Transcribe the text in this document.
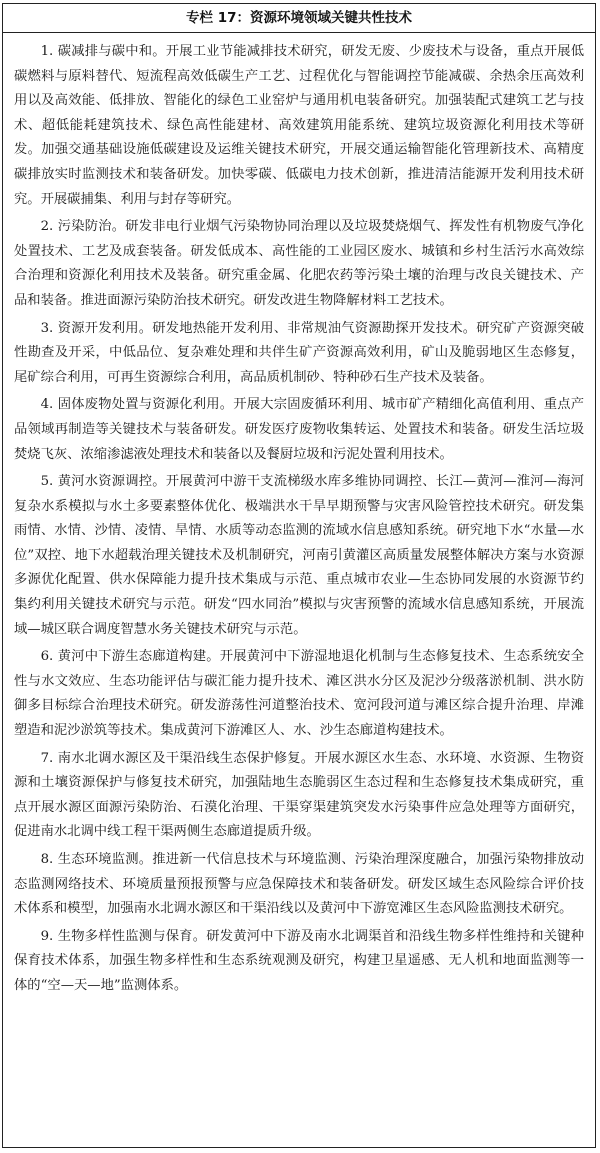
专栏 17：资源环境领域关键共性技术

1. 碳减排与碳中和。开展工业节能减排技术研究，研发无废、少废技术与设备，重点开展低碳燃料与原料替代、短流程高效低碳生产工艺、过程优化与智能调控节能减碳、余热余压高效利用以及高效能、低排放、智能化的绿色工业窑炉与通用机电装备研究。加强装配式建筑工艺与技术、超低能耗建筑技术、绿色高性能建材、高效建筑用能系统、建筑垃圾资源化利用技术等研发。加强交通基础设施低碳建设及运维关键技术研究，开展交通运输智能化管理新技术、高精度碳排放实时监测技术和装备研发。加快零碳、低碳电力技术创新，推进清洁能源开发利用技术研究。开展碳捕集、利用与封存等研究。

2. 污染防治。研发非电行业烟气污染物协同治理以及垃圾焚烧烟气、挥发性有机物废气净化处置技术、工艺及成套装备。研发低成本、高性能的工业园区废水、城镇和乡村生活污水高效综合治理和资源化利用技术及装备。研究重金属、化肥农药等污染土壤的治理与改良关键技术、产品和装备。推进面源污染防治技术研究。研发改进生物降解材料工艺技术。

3. 资源开发利用。研发地热能开发利用、非常规油气资源勘探开发技术。研究矿产资源突破性勘查及开采，中低品位、复杂难处理和共伴生矿产资源高效利用，矿山及脆弱地区生态修复，尾矿综合利用，可再生资源综合利用，高品质机制砂、特种砂石生产技术及装备。

4. 固体废物处置与资源化利用。开展大宗固废循环利用、城市矿产精细化高值利用、重点产品领域再制造等关键技术与装备研发。研发医疗废物收集转运、处置技术和装备。研发生活垃圾焚烧飞灰、浓缩渗滤液处理技术和装备以及餐厨垃圾和污泥处置利用技术。

5. 黄河水资源调控。开展黄河中游干支流梯级水库多维协同调控、长江—黄河—淮河—海河复杂水系模拟与水土多要素整体优化、极端洪水干旱早期预警与灾害风险管控技术研究。研发集雨情、水情、沙情、凌情、旱情、水质等动态监测的流域水信息感知系统。研究地下水“水量—水位”双控、地下水超载治理关键技术及机制研究，河南引黄灌区高质量发展整体解决方案与水资源多源优化配置、供水保障能力提升技术集成与示范、重点城市农业—生态协同发展的水资源节约集约利用关键技术研究与示范。研发“四水同治”模拟与灾害预警的流域水信息感知系统，开展流域—城区联合调度智慧水务关键技术研究与示范。

6. 黄河中下游生态廊道构建。开展黄河中下游湿地退化机制与生态修复技术、生态系统安全性与水文效应、生态功能评估与碳汇能力提升技术、滩区洪水分区及泥沙分级落淤机制、洪水防御多目标综合治理技术研究。研发游荡性河道整治技术、宽河段河道与滩区综合提升治理、岸滩塑造和泥沙淤筑等技术。集成黄河下游滩区人、水、沙生态廊道构建技术。

7. 南水北调水源区及干渠沿线生态保护修复。开展水源区水生态、水环境、水资源、生物资源和土壤资源保护与修复技术研究，加强陆地生态脆弱区生态过程和生态修复技术集成研究，重点开展水源区面源污染防治、石漠化治理、干渠穿渠建筑突发水污染事件应急处理等方面研究，促进南水北调中线工程干渠两侧生态廊道提质升级。

8. 生态环境监测。推进新一代信息技术与环境监测、污染治理深度融合，加强污染物排放动态监测网络技术、环境质量预报预警与应急保障技术和装备研发。研发区域生态风险综合评价技术体系和模型，加强南水北调水源区和干渠沿线以及黄河中下游宽滩区生态风险监测技术研究。

9. 生物多样性监测与保育。研发黄河中下游及南水北调渠首和沿线生物多样性维持和关键种保育技术体系，加强生物多样性和生态系统观测及研究，构建卫星遥感、无人机和地面监测等一体的“空—天—地”监测体系。
